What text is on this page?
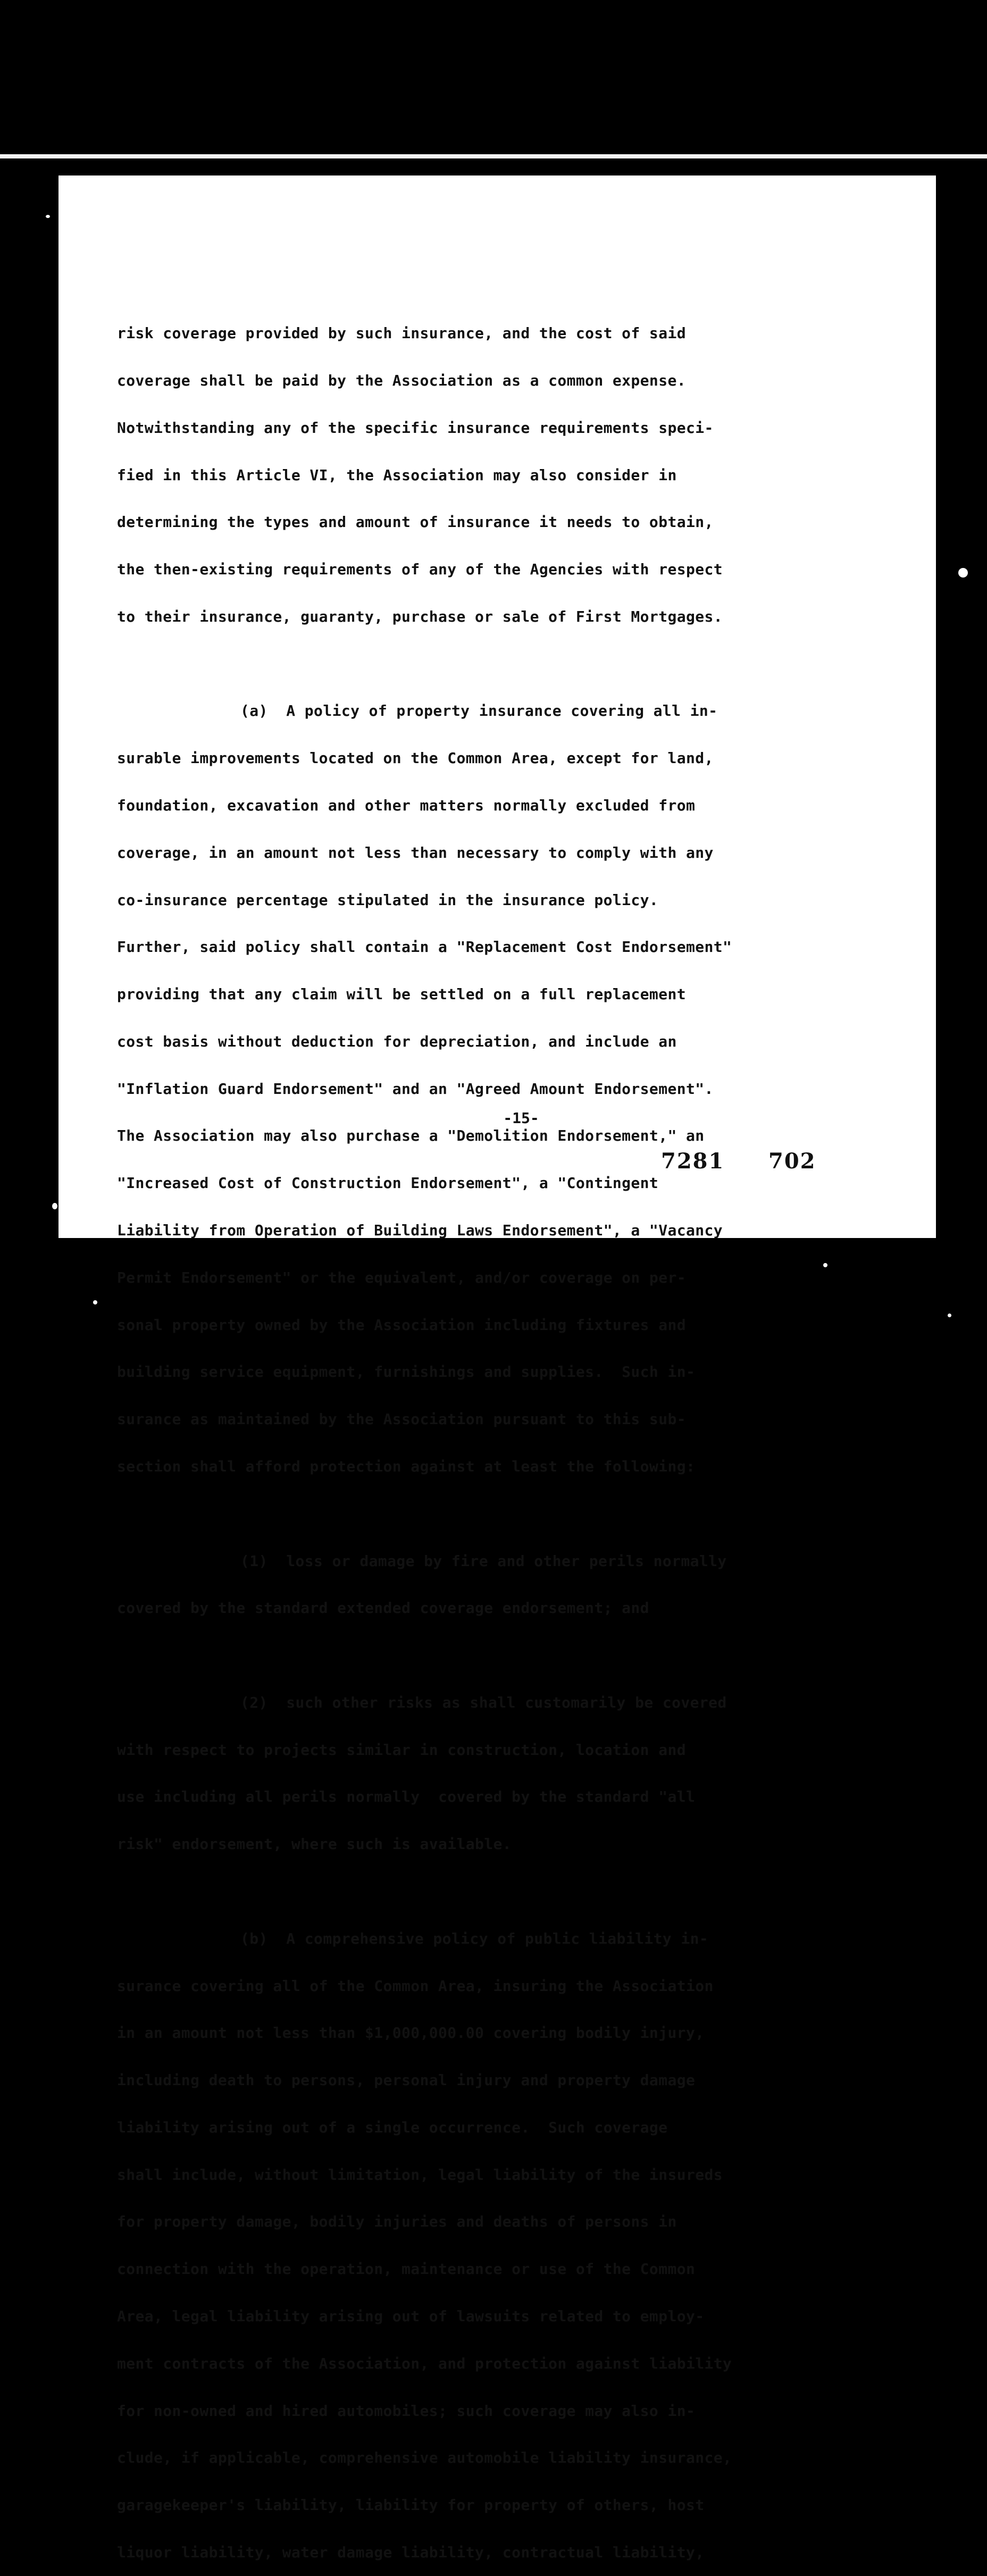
risk coverage provided by such insurance, and the cost of said

coverage shall be paid by the Association as a common expense.

Notwithstanding any of the specific insurance requirements speci-

fied in this Article VI, the Association may also consider in

determining the types and amount of insurance it needs to obtain,

the then-existing requirements of any of the Agencies with respect

to their insurance, guaranty, purchase or sale of First Mortgages.

(a)  A policy of property insurance covering all in-

surable improvements located on the Common Area, except for land,

foundation, excavation and other matters normally excluded from

coverage, in an amount not less than necessary to comply with any

co-insurance percentage stipulated in the insurance policy.

Further, said policy shall contain a "Replacement Cost Endorsement"

providing that any claim will be settled on a full replacement

cost basis without deduction for depreciation, and include an

"Inflation Guard Endorsement" and an "Agreed Amount Endorsement".

The Association may also purchase a "Demolition Endorsement," an

"Increased Cost of Construction Endorsement", a "Contingent

Liability from Operation of Building Laws Endorsement", a "Vacancy

Permit Endorsement" or the equivalent, and/or coverage on per-

sonal property owned by the Association including fixtures and

building service equipment, furnishings and supplies.  Such in-

surance as maintained by the Association pursuant to this sub-

section shall afford protection against at least the following:

(1)  loss or damage by fire and other perils normally

covered by the standard extended coverage endorsement; and

(2)  such other risks as shall customarily be covered

with respect to projects similar in construction, location and

use including all perils normally  covered by the standard "all

risk" endorsement, where such is available.

(b)  A comprehensive policy of public liability in-

surance covering all of the Common Area, insuring the Association

in an amount not less than $1,000,000.00 covering bodily injury,

including death to persons, personal injury and property damage

liability arising out of a single occurrence.  Such coverage

shall include, without limitation, legal liability of the insureds

for property damage, bodily injuries and deaths of persons in

connection with the operation, maintenance or use of the Common

Area, legal liability arising out of lawsuits related to employ-

ment contracts of the Association, and protection against liability

for non-owned and hired automobiles; such coverage may also in-

clude, if applicable, comprehensive automobile liability insurance,

garagekeeper's liability, liability for property of others, host

liquor liability, water damage liability, contractual liability,

-15-
7281 702
